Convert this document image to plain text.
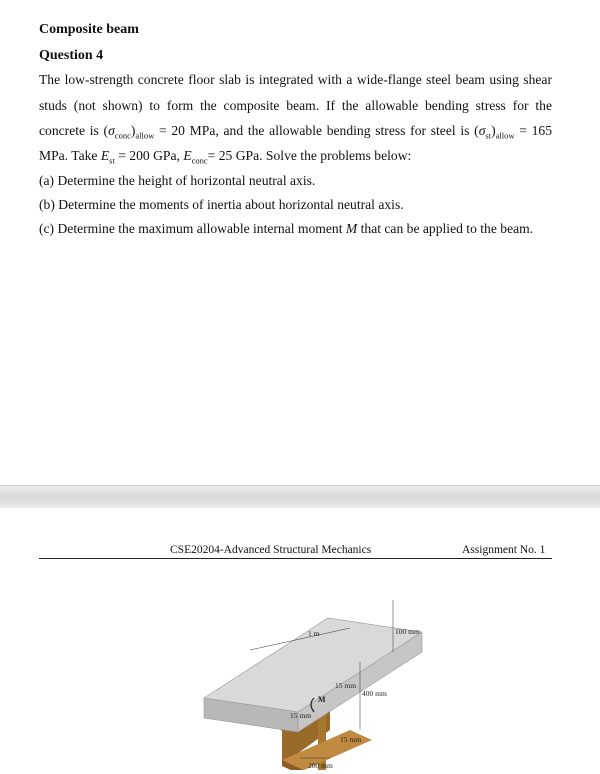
Composite beam
Question 4
The low-strength concrete floor slab is integrated with a wide-flange steel beam using shear
studs (not shown) to form the composite beam. If the allowable bending stress for the
concrete is $(\sigma_{conc})_{allow} = 20$ MPa, and the allowable bending stress for steel is $(\sigma_{st})_{allow} = 165$
MPa. Take $E_{st} = 200$ GPa, $E_{conc}= 25$ GPa. Solve the problems below:
(a) Determine the height of horizontal neutral axis.
(b) Determine the moments of inertia about horizontal neutral axis.
(c) Determine the maximum allowable internal moment M that can be applied to the beam.
CSE20204-Advanced Structural Mechanics	Assignment No. 1
1 m	100 mm
15 mm
400 mm
M
15 mm
15 mm
200 mm
